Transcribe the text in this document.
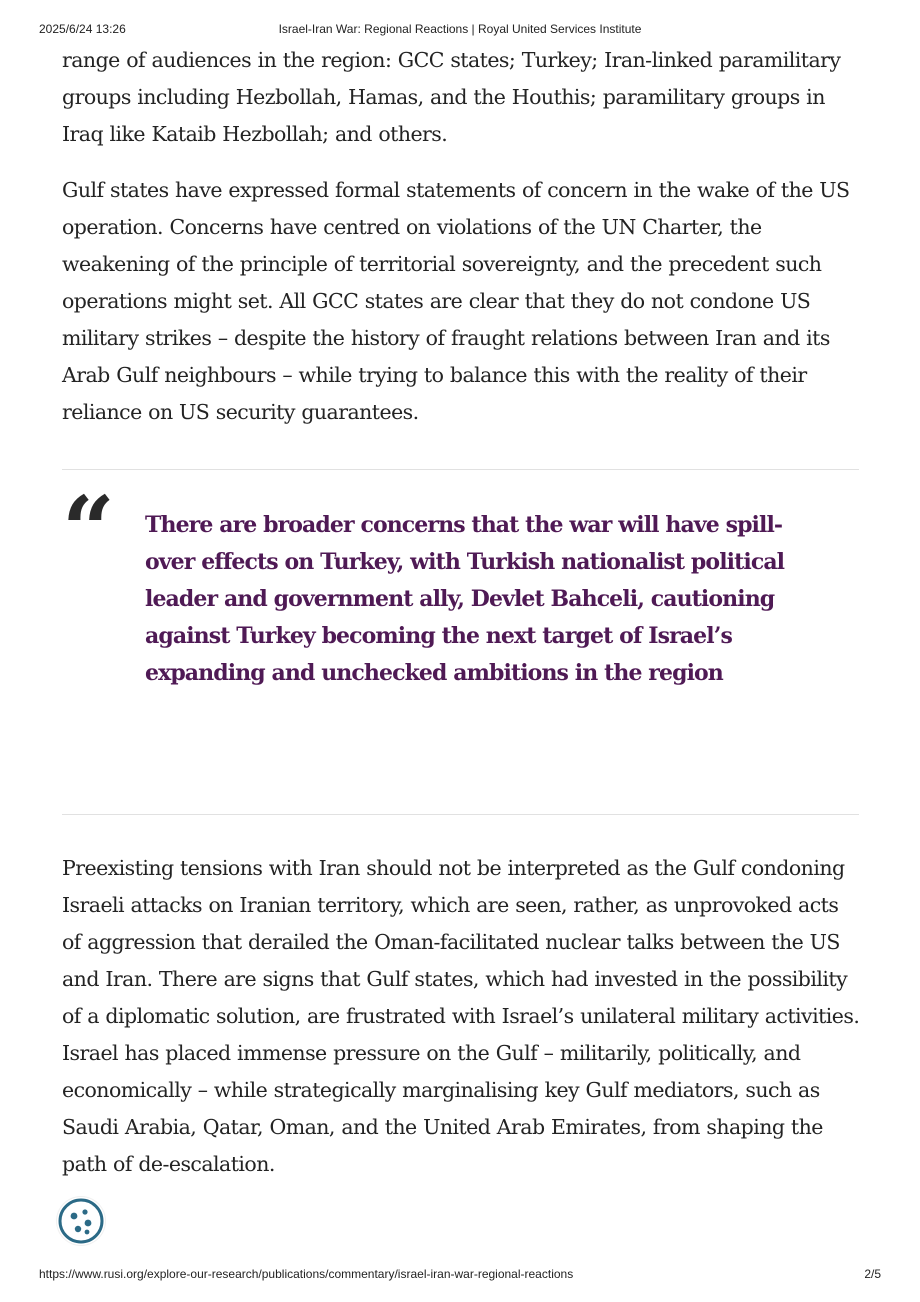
2025/6/24 13:26	Israel-Iran War: Regional Reactions | Royal United Services Institute

range of audiences in the region: GCC states; Turkey; Iran-linked paramilitary groups including Hezbollah, Hamas, and the Houthis; paramilitary groups in Iraq like Kataib Hezbollah; and others.

Gulf states have expressed formal statements of concern in the wake of the US operation. Concerns have centred on violations of the UN Charter, the weakening of the principle of territorial sovereignty, and the precedent such operations might set. All GCC states are clear that they do not condone US military strikes – despite the history of fraught relations between Iran and its Arab Gulf neighbours – while trying to balance this with the reality of their reliance on US security guarantees.

“ There are broader concerns that the war will have spill-over effects on Turkey, with Turkish nationalist political leader and government ally, Devlet Bahceli, cautioning against Turkey becoming the next target of Israel’s expanding and unchecked ambitions in the region

Preexisting tensions with Iran should not be interpreted as the Gulf condoning Israeli attacks on Iranian territory, which are seen, rather, as unprovoked acts of aggression that derailed the Oman-facilitated nuclear talks between the US and Iran. There are signs that Gulf states, which had invested in the possibility of a diplomatic solution, are frustrated with Israel’s unilateral military activities. Israel has placed immense pressure on the Gulf – militarily, politically, and economically – while strategically marginalising key Gulf mediators, such as Saudi Arabia, Qatar, Oman, and the United Arab Emirates, from shaping the path of de-escalation.

https://www.rusi.org/explore-our-research/publications/commentary/israel-iran-war-regional-reactions	2/5
